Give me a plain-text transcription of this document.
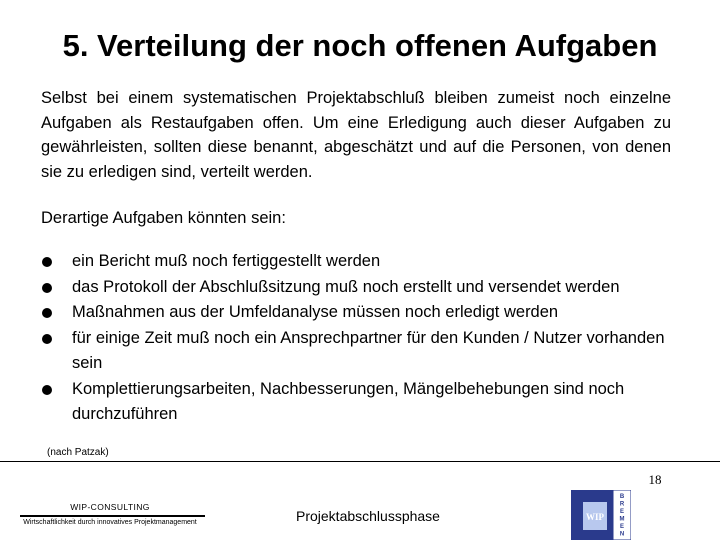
5. Verteilung der noch offenen Aufgaben

Selbst bei einem systematischen Projektabschluß bleiben zumeist noch einzelne Aufgaben als Restaufgaben offen. Um eine Erledigung auch dieser Aufgaben zu gewährleisten, sollten diese benannt, abgeschätzt und auf die Personen, von denen sie zu erledigen sind, verteilt werden.

Derartige Aufgaben könnten sein:

ein Bericht muß noch fertiggestellt werden
das Protokoll der Abschlußsitzung muß noch erstellt und versendet werden
Maßnahmen aus der Umfeldanalyse müssen noch erledigt werden
für einige Zeit muß noch ein Ansprechpartner für den Kunden / Nutzer vorhanden sein
Komplettierungsarbeiten, Nachbesserungen, Mängelbehebungen sind noch durchzuführen
(nach Patzak)
WIP-CONSULTING
Wirtschaftlichkeit durch innovatives Projektmanagement	Projektabschlussphase	WIP
B
R
E
M
E
N
18
